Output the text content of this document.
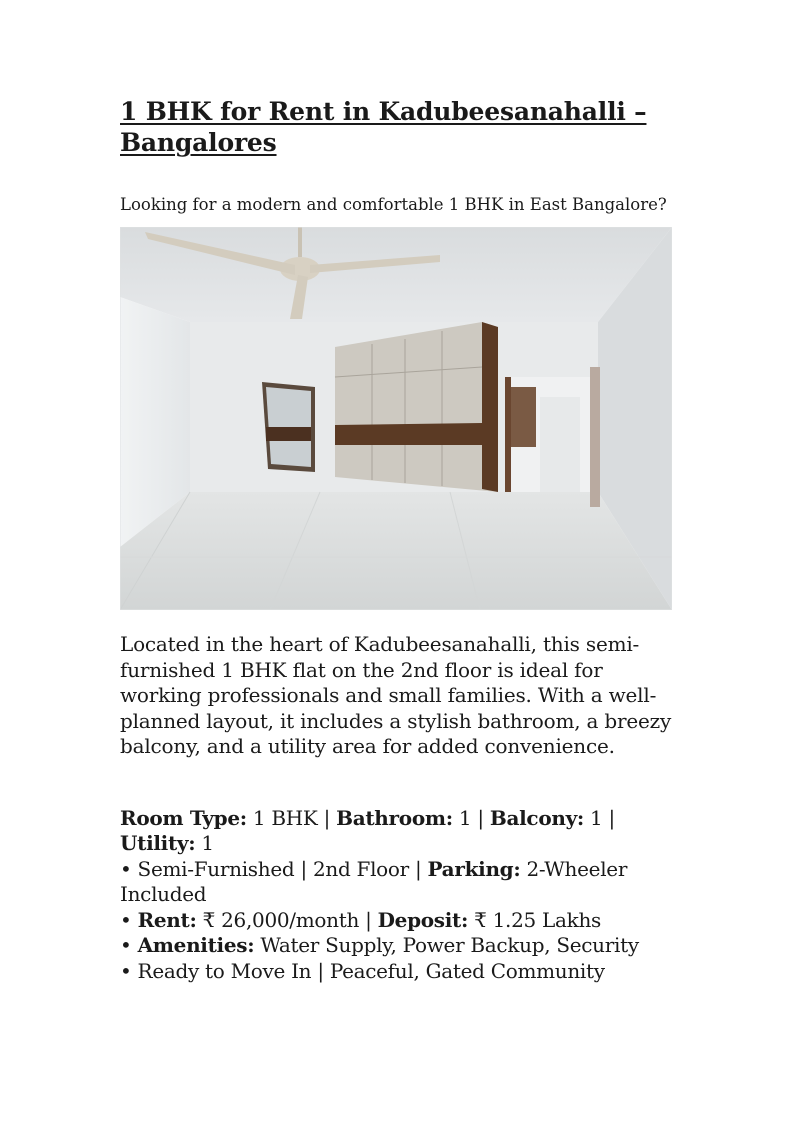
1 BHK for Rent in Kadubeesanahalli – Bangalores

Looking for a modern and comfortable 1 BHK in East Bangalore?

Located in the heart of Kadubeesanahalli, this semi-furnished 1 BHK flat on the 2nd floor is ideal for working professionals and small families. With a well-planned layout, it includes a stylish bathroom, a breezy balcony, and a utility area for added convenience.

Room Type: 1 BHK | Bathroom: 1 | Balcony: 1 | Utility: 1

• Semi-Furnished | 2nd Floor | Parking: 2-Wheeler Included

• Rent: ₹ 26,000/month | Deposit: ₹ 1.25 Lakhs

• Amenities: Water Supply, Power Backup, Security

• Ready to Move In | Peaceful, Gated Community
